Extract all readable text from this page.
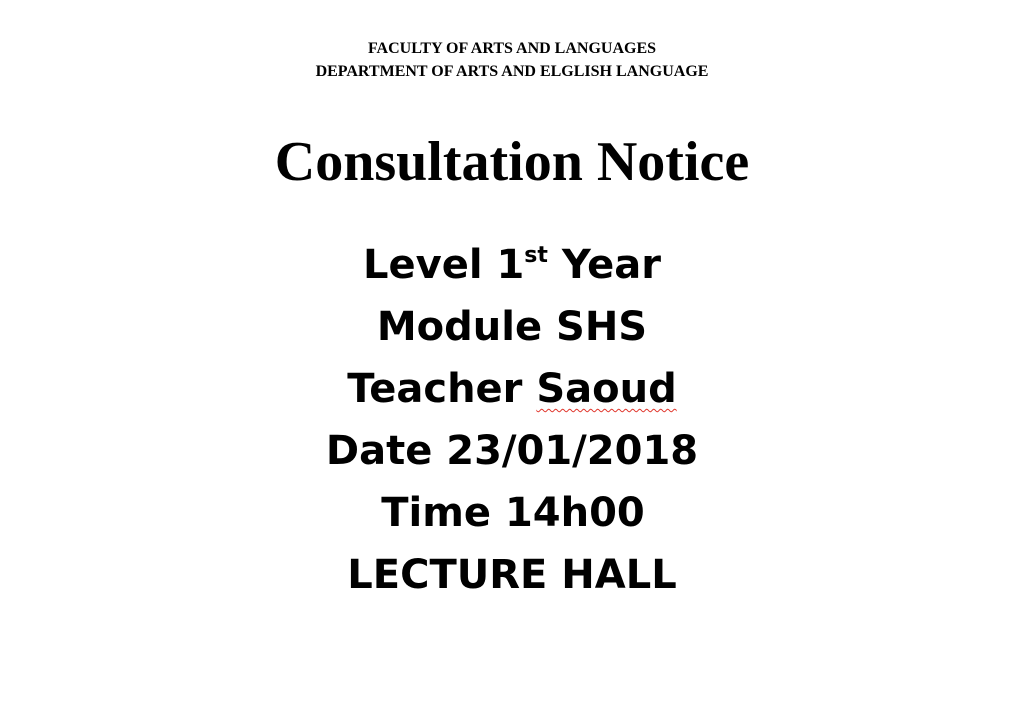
FACULTY OF ARTS AND LANGUAGES
DEPARTMENT OF ARTS AND ELGLISH LANGUAGE
Consultation Notice
Level 1st Year
Module SHS
Teacher Saoud
Date 23/01/2018
Time 14h00
LECTURE HALL
